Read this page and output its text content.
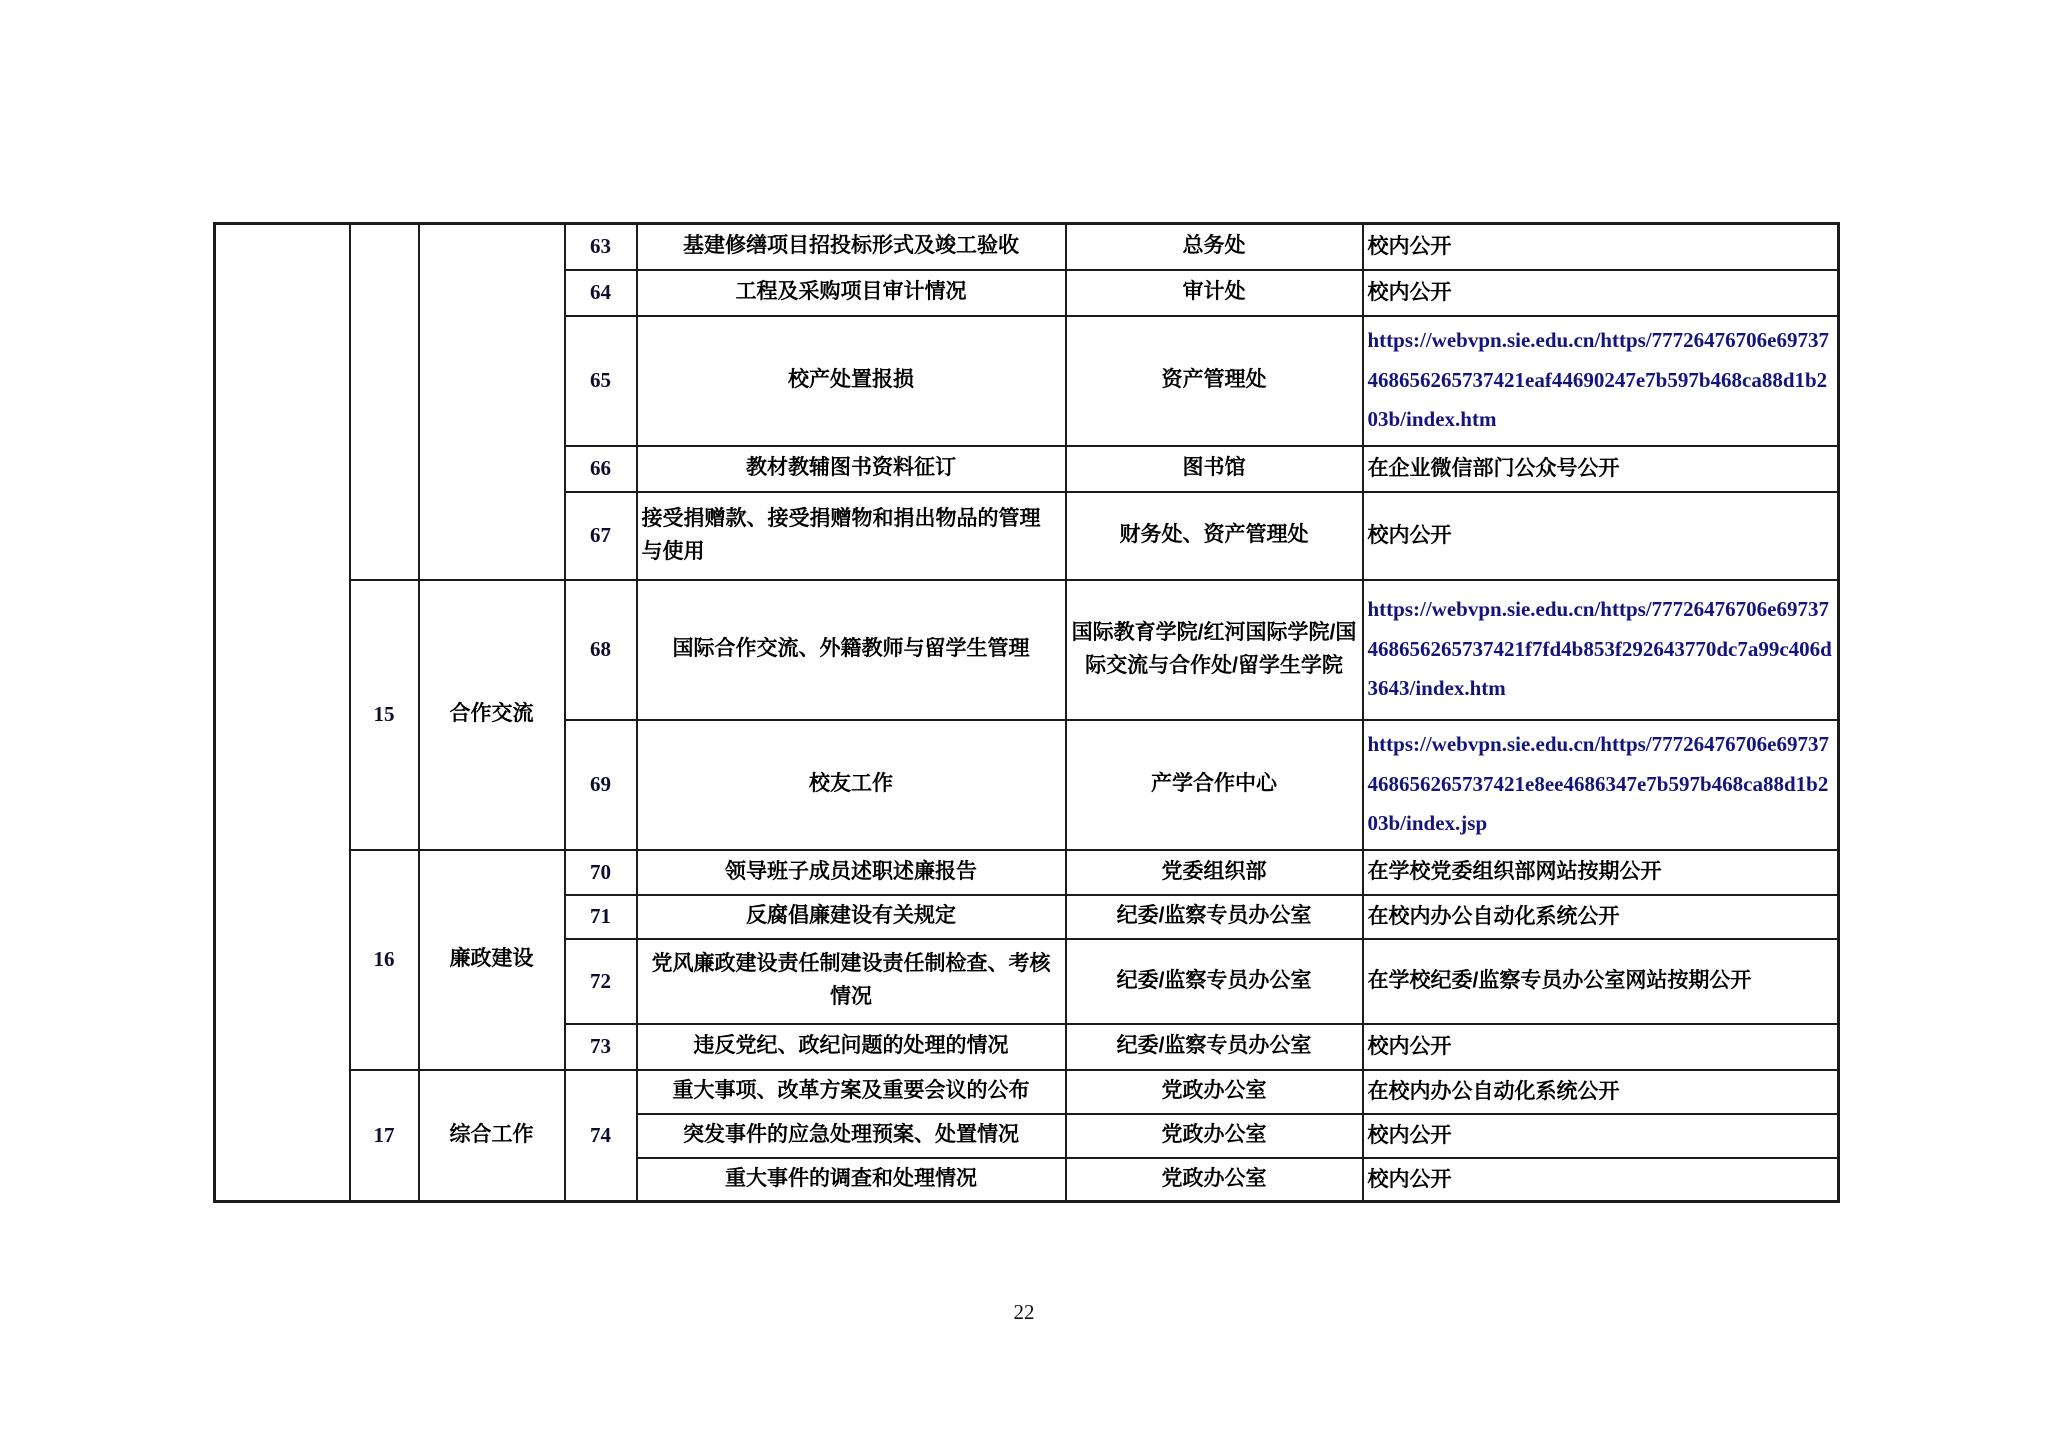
			63	基建修缮项目招投标形式及竣工验收	总务处	校内公开
			64	工程及采购项目审计情况	审计处	校内公开
			65	校产处置报损	资产管理处	https://webvpn.sie.edu.cn/https/77726476706e69737468656265737421eaf44690247e7b597b468ca88d1b203b/index.htm

			66	教材教辅图书资料征订	图书馆	在企业微信部门公众号公开
			67	接受捐赠款、接受捐赠物和捐出物品的管理与使用	财务处、资产管理处	校内公开
	15	合作交流	68	国际合作交流、外籍教师与留学生管理	国际教育学院/红河国际学院/国际交流与合作处/留学生学院	https://webvpn.sie.edu.cn/https/77726476706e69737468656265737421f7fd4b853f292643770dc7a99c406d3643/index.htm

			69	校友工作	产学合作中心	https://webvpn.sie.edu.cn/https/77726476706e69737468656265737421e8ee4686347e7b597b468ca88d1b203b/index.jsp

	16	廉政建设	70	领导班子成员述职述廉报告	党委组织部	在学校党委组织部网站按期公开
			71	反腐倡廉建设有关规定	纪委/监察专员办公室	在校内办公自动化系统公开
			72	党风廉政建设责任制建设责任制检查、考核情况	纪委/监察专员办公室	在学校纪委/监察专员办公室网站按期公开
			73	违反党纪、政纪问题的处理的情况	纪委/监察专员办公室	校内公开
	17	综合工作	74	重大事项、改革方案及重要会议的公布	党政办公室	在校内办公自动化系统公开
				突发事件的应急处理预案、处置情况	党政办公室	校内公开
				重大事件的调查和处理情况	党政办公室	校内公开
22
